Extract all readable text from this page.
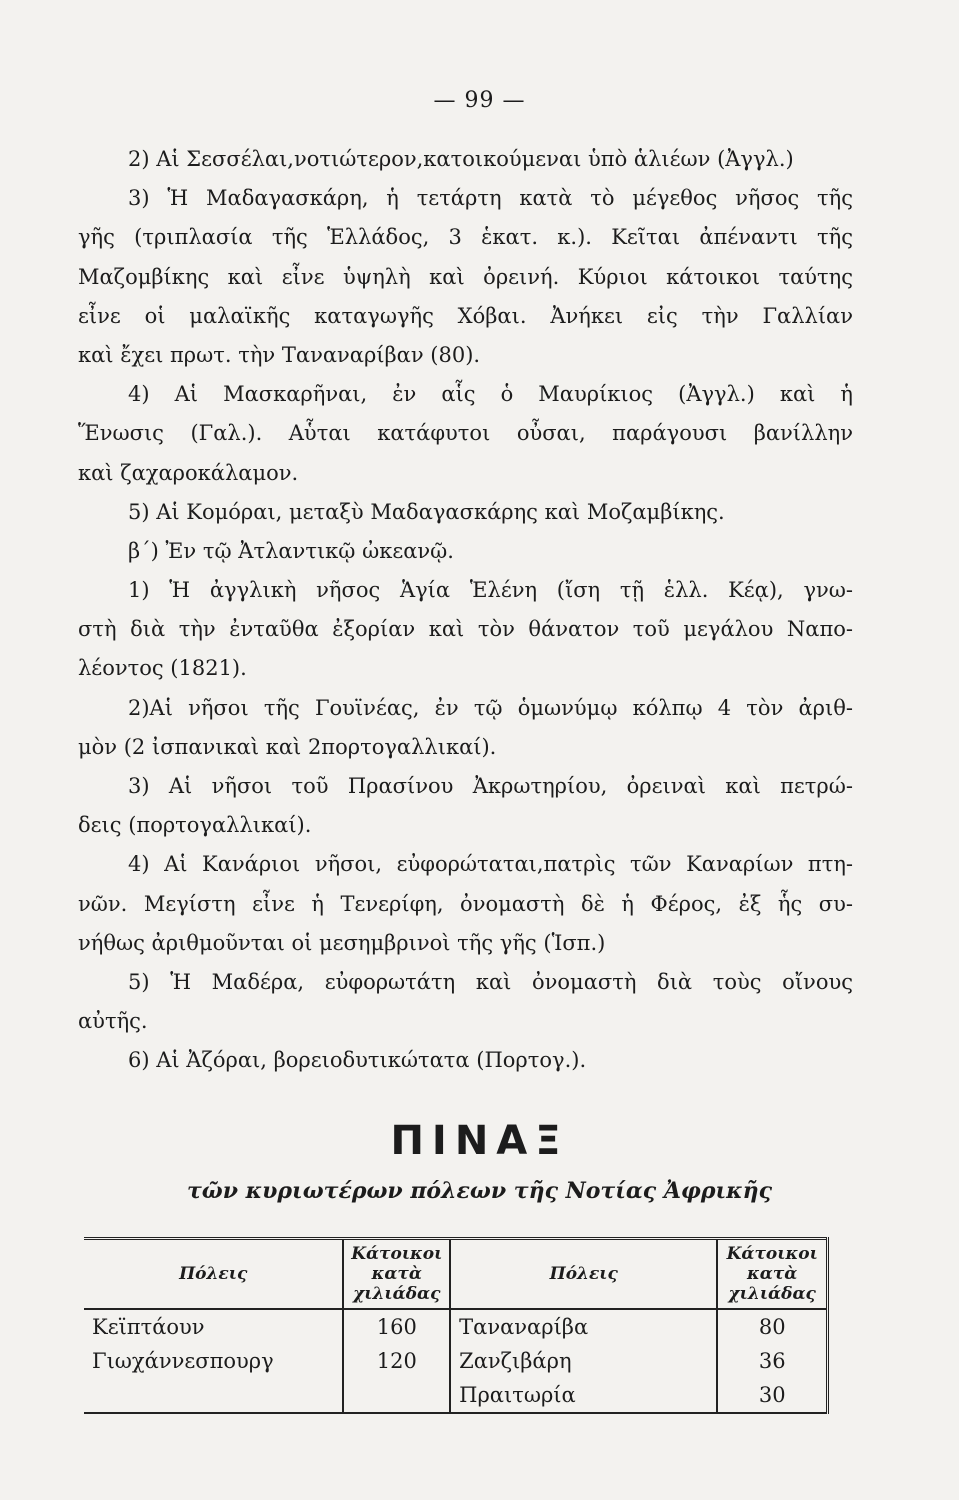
— 99 —
2) Αἱ Σεσσέλαι,νοτιώτερον,κατοικούμεναι ὑπὸ ἁλιέων (Ἀγγλ.)
3) Ἡ Μαδαγασκάρη, ἡ τετάρτη κατὰ τὸ μέγεθος νῆσος τῆς
γῆς (τριπλασία τῆς Ἑλλάδος, 3 ἑκατ. κ.). Κεῖται ἀπέναντι τῆς
Μαζομβίκης καὶ εἶνε ὑψηλὴ καὶ ὀρεινή. Κύριοι κάτοικοι ταύτης
εἶνε οἱ μαλαϊκῆς καταγωγῆς Χόβαι. Ἀνήκει εἰς τὴν Γαλλίαν
καὶ ἔχει πρωτ. τὴν Ταναναρίβαν (80).
4) Αἱ Μασκαρῆναι, ἐν αἷς ὁ Μαυρίκιος (Ἀγγλ.) καὶ ἡ
Ἕνωσις (Γαλ.). Αὗται κατάφυτοι οὖσαι, παράγουσι βανίλλην
καὶ ζαχαροκάλαμον.
5) Αἱ Κομόραι, μεταξὺ Μαδαγασκάρης καὶ Μοζαμβίκης.
β΄) Ἐν τῷ Ἀτλαντικῷ ὠκεανῷ.
1) Ἡ ἀγγλικὴ νῆσος Ἁγία Ἑλένη (ἴση τῇ ἑλλ. Κέᾳ), γνω-
στὴ διὰ τὴν ἐνταῦθα ἐξορίαν καὶ τὸν θάνατον τοῦ μεγάλου Ναπο-
λέοντος (1821).
2)Αἱ νῆσοι τῆς Γουϊνέας, ἐν τῷ ὁμωνύμῳ κόλπῳ 4 τὸν ἀριθ-
μὸν (2 ἰσπανικαὶ καὶ 2πορτογαλλικαί).
3) Αἱ νῆσοι τοῦ Πρασίνου Ἀκρωτηρίου, ὀρειναὶ καὶ πετρώ-
δεις (πορτογαλλικαί).
4) Αἱ Κανάριοι νῆσοι, εὐφορώταται,πατρὶς τῶν Καναρίων πτη-
νῶν. Μεγίστη εἶνε ἡ Τενερίφη, ὀνομαστὴ δὲ ἡ Φέρος, ἐξ ἧς συ-
νήθως ἀριθμοῦνται οἱ μεσημβρινοὶ τῆς γῆς (Ἱσπ.)
5) Ἡ Μαδέρα, εὐφορωτάτη καὶ ὀνομαστὴ διὰ τοὺς οἴνους
αὐτῆς.
6) Αἱ Ἀζόραι, βορειοδυτικώτατα (Πορτογ.).
ΠΙΝΑΞ
τῶν κυριωτέρων πόλεων τῆς Νοτίας Ἀφρικῆς
Πόλεις	Κάτοικοι κατὰ χιλιάδας	Πόλεις	Κάτοικοι κατὰ χιλιάδας
Κεϊπτάουν	160	Ταναναρίβα	80
Γιωχάννεσπουργ	120	Ζανζιβάρη	36
		Πραιτωρία	30
